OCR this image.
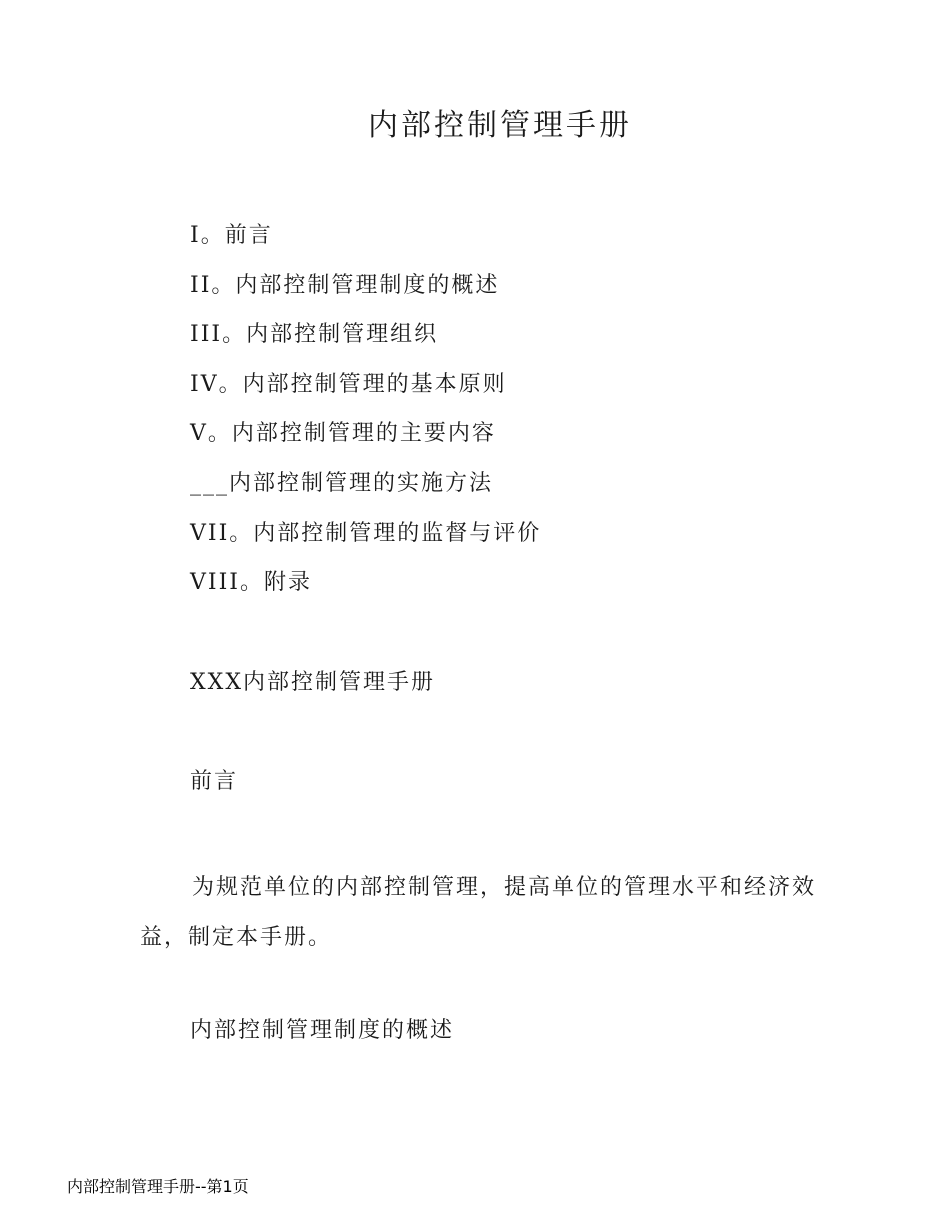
内部控制管理手册
I。前言
II。内部控制管理制度的概述
III。内部控制管理组织
IV。内部控制管理的基本原则
V。内部控制管理的主要内容
___内部控制管理的实施方法
VII。内部控制管理的监督与评价
VIII。附录

XXX内部控制管理手册

前言

为规范单位的内部控制管理，提高单位的管理水平和经济效益，制定本手册。

内部控制管理制度的概述

内部控制管理手册--第1页
